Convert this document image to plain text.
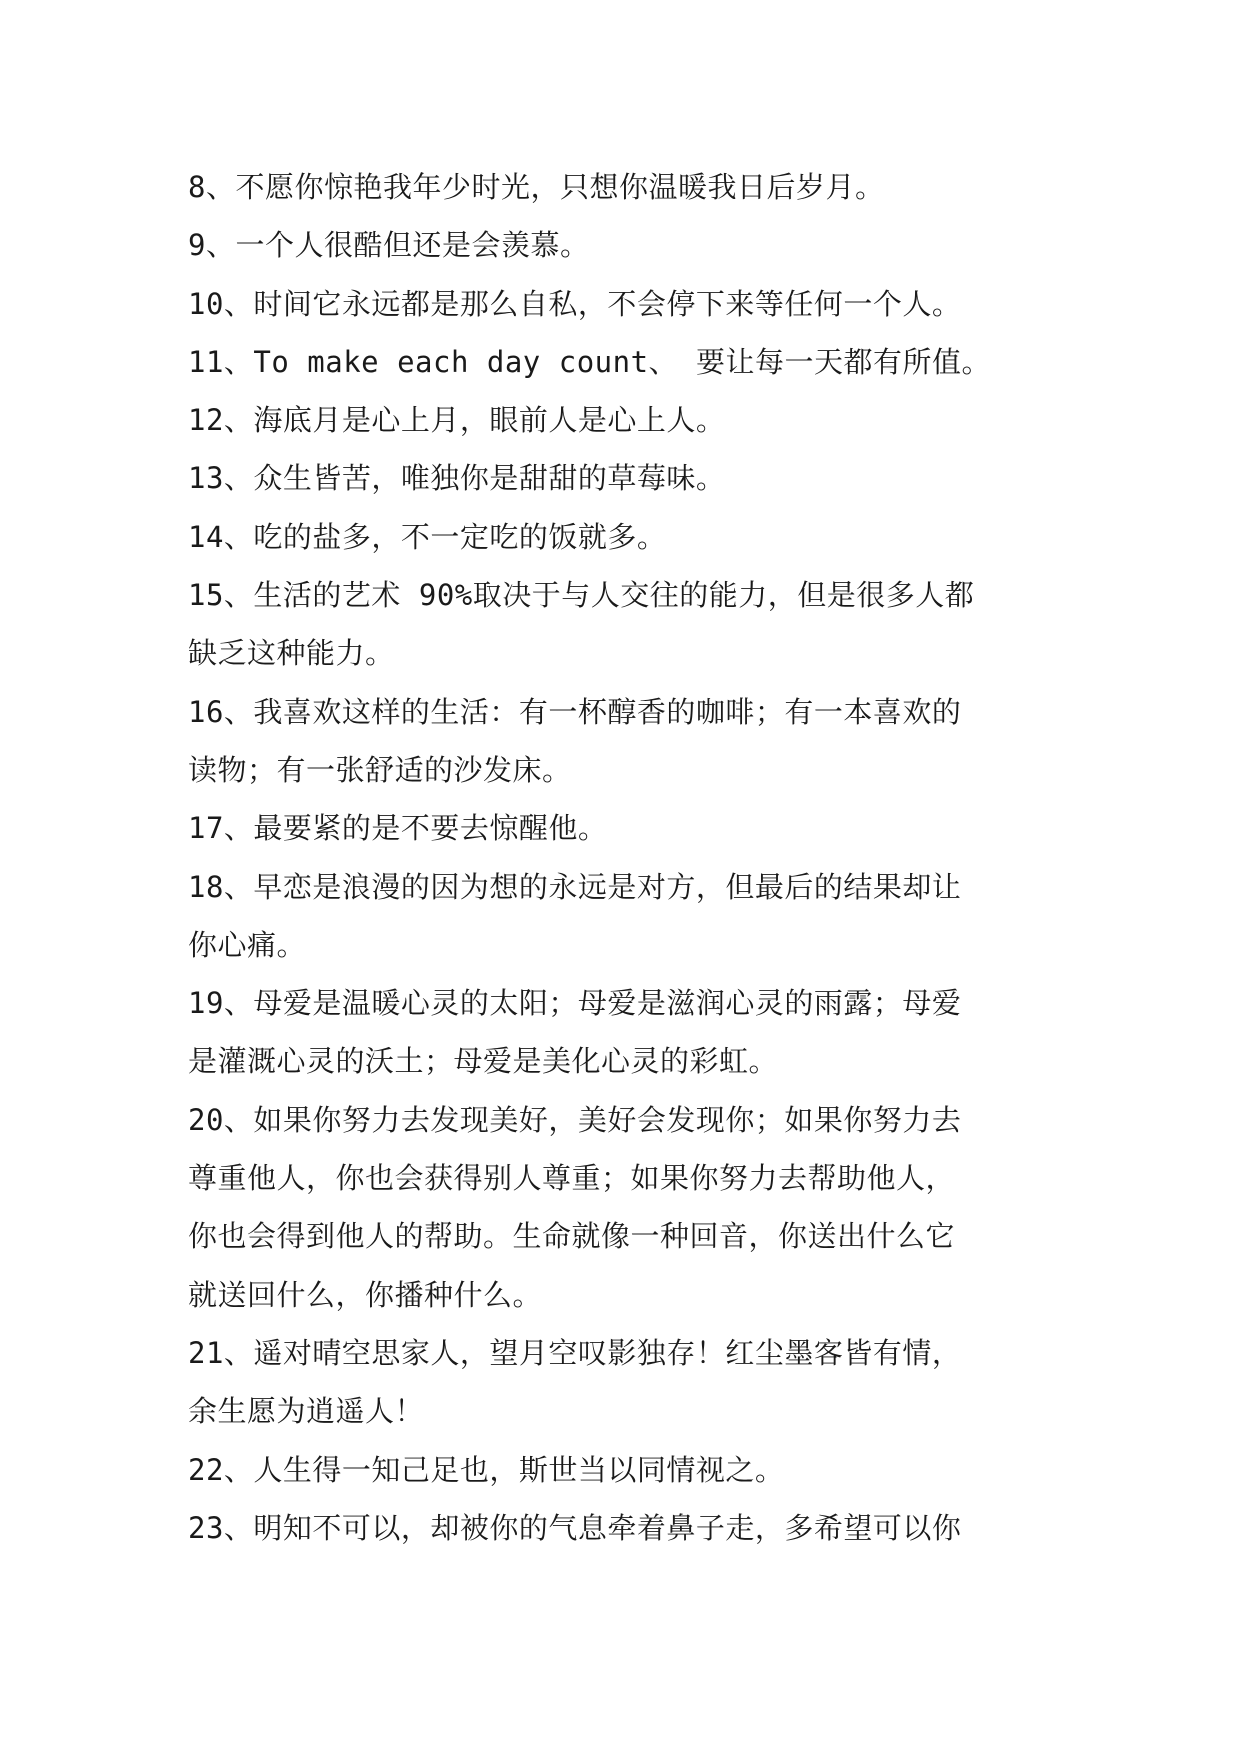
8、不愿你惊艳我年少时光，只想你温暖我日后岁月。
9、一个人很酷但还是会羡慕。
10、时间它永远都是那么自私，不会停下来等任何一个人。
11、To make each day count、 要让每一天都有所值。
12、海底月是心上月，眼前人是心上人。
13、众生皆苦，唯独你是甜甜的草莓味。
14、吃的盐多，不一定吃的饭就多。
15、生活的艺术 90%取决于与人交往的能力，但是很多人都
缺乏这种能力。
16、我喜欢这样的生活：有一杯醇香的咖啡；有一本喜欢的
读物；有一张舒适的沙发床。
17、最要紧的是不要去惊醒他。
18、早恋是浪漫的因为想的永远是对方，但最后的结果却让
你心痛。
19、母爱是温暖心灵的太阳；母爱是滋润心灵的雨露；母爱
是灌溉心灵的沃土；母爱是美化心灵的彩虹。
20、如果你努力去发现美好，美好会发现你；如果你努力去
尊重他人，你也会获得别人尊重；如果你努力去帮助他人，
你也会得到他人的帮助。生命就像一种回音，你送出什么它
就送回什么，你播种什么。
21、遥对晴空思家人，望月空叹影独存！红尘墨客皆有情，
余生愿为逍遥人！
22、人生得一知己足也，斯世当以同情视之。
23、明知不可以，却被你的气息牵着鼻子走，多希望可以你
